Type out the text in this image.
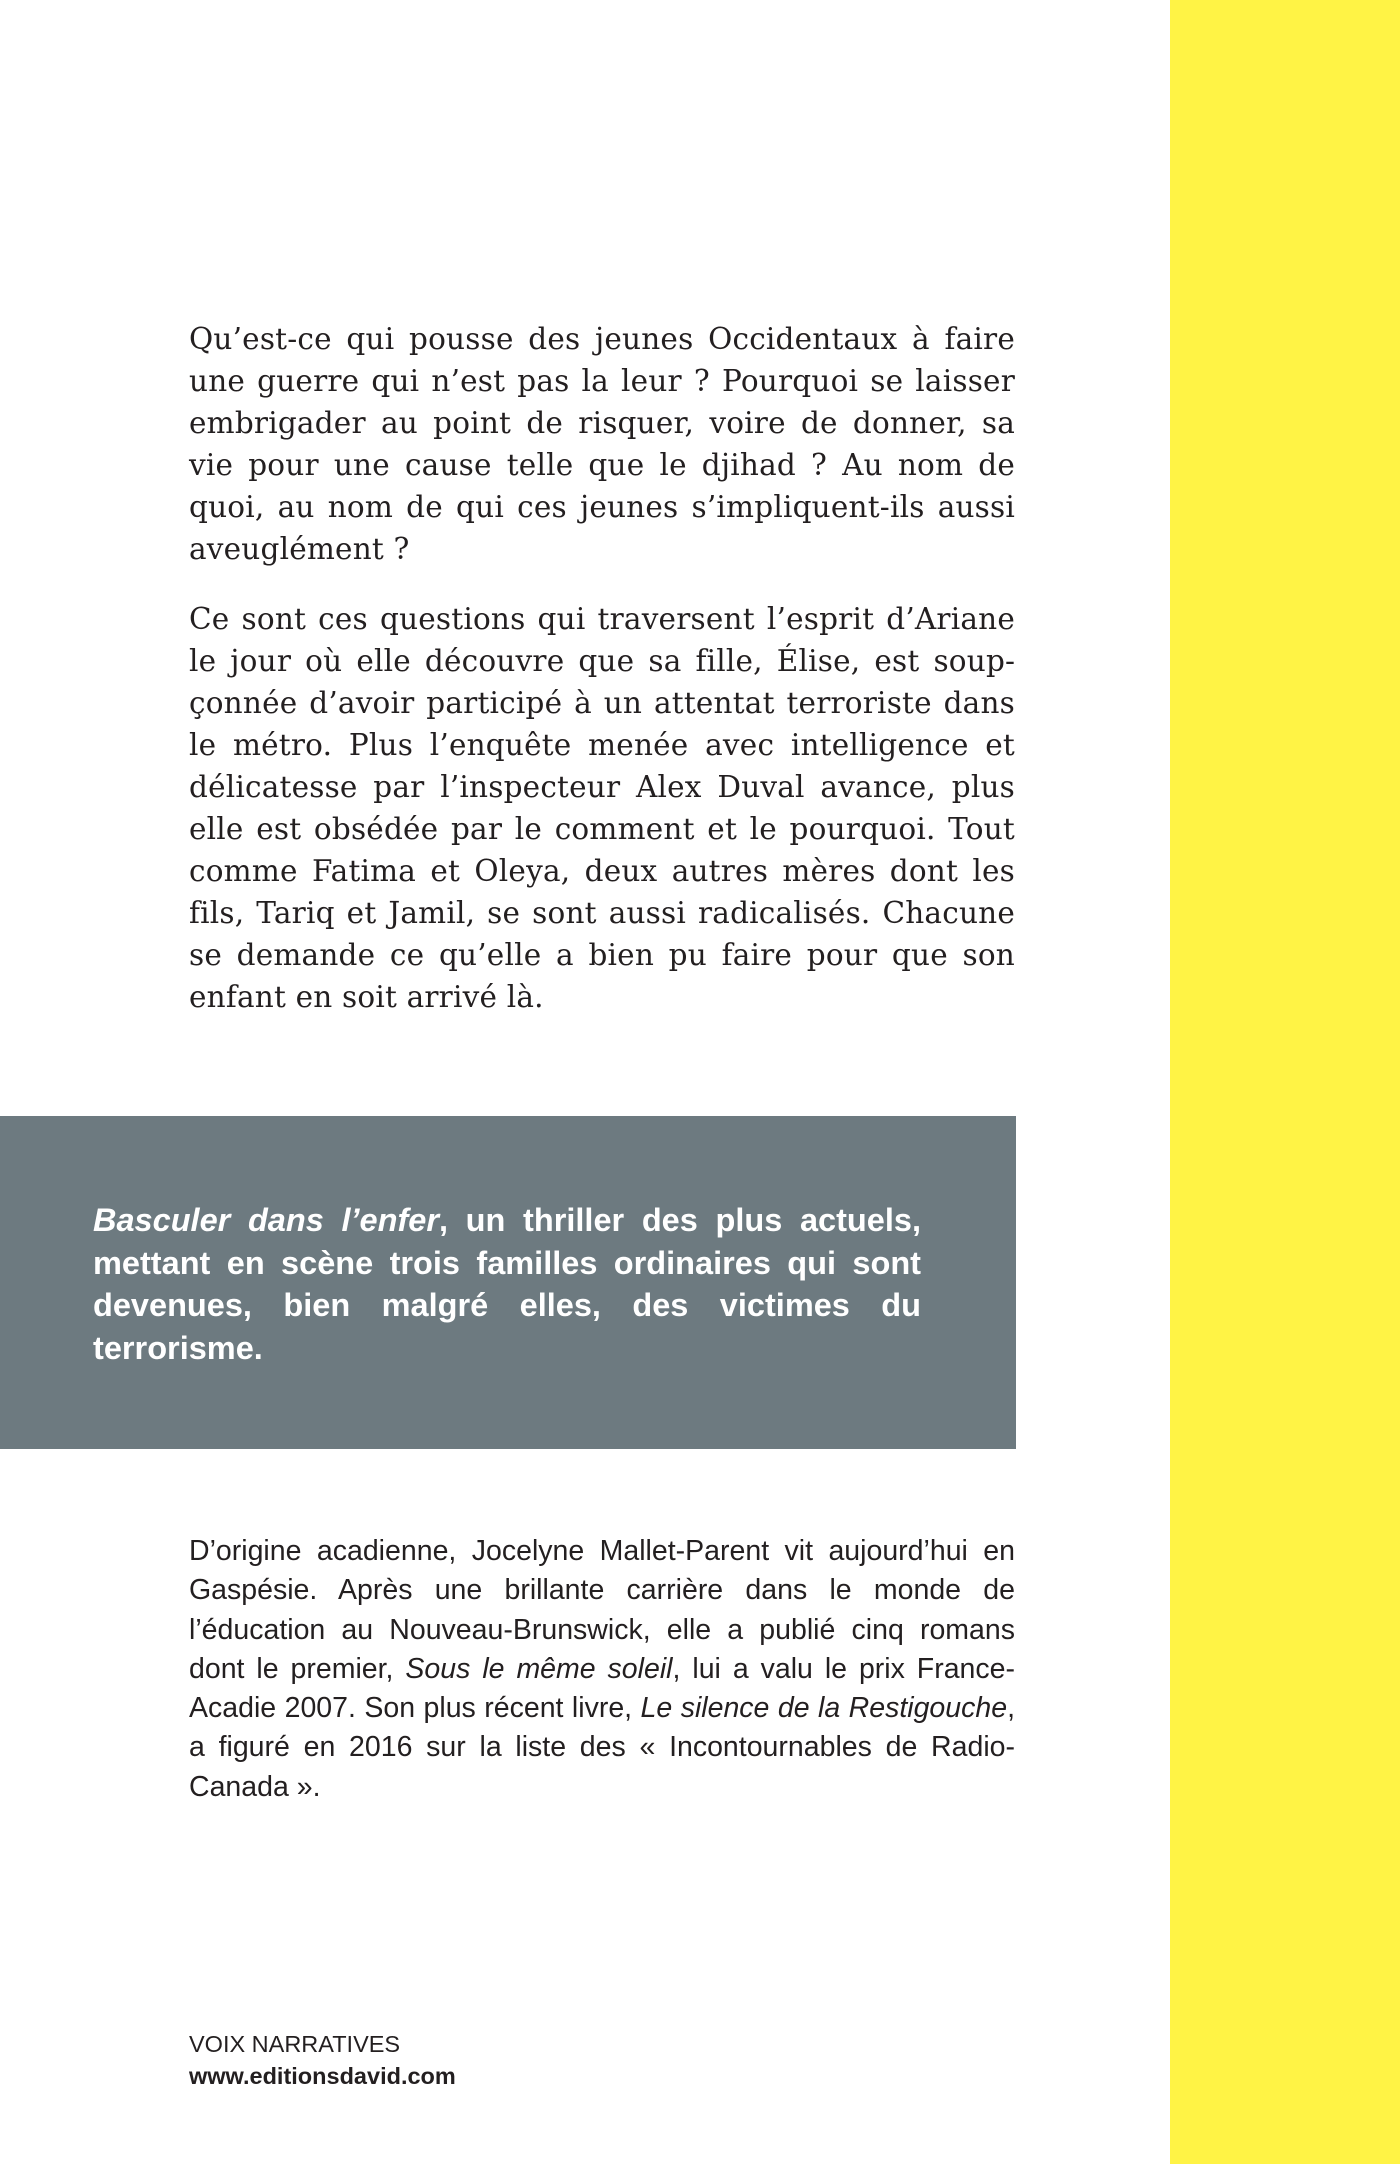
Qu’est-ce qui pousse des jeunes Occidentaux à faire une guerre qui n’est pas la leur ? Pourquoi se laisser embrigader au point de risquer, voire de donner, sa vie pour une cause telle que le djihad ? Au nom de quoi, au nom de qui ces jeunes s’impliquent-ils aussi aveuglément ?

Ce sont ces questions qui traversent l’esprit d’Ariane le jour où elle découvre que sa fille, Élise, est soupçonnée d’avoir participé à un attentat terroriste dans le métro. Plus l’enquête menée avec intelligence et délicatesse par l’inspecteur Alex Duval avance, plus elle est obsédée par le comment et le pourquoi. Tout comme Fatima et Oleya, deux autres mères dont les fils, Tariq et Jamil, se sont aussi radicalisés. Chacune se demande ce qu’elle a bien pu faire pour que son enfant en soit arrivé là.

Basculer dans l’enfer, un thriller des plus actuels, mettant en scène trois familles ordinaires qui sont devenues, bien malgré elles, des victimes du terrorisme.

D’origine acadienne, Jocelyne Mallet-Parent vit aujourd’hui en Gaspésie. Après une brillante carrière dans le monde de l’éducation au Nouveau-Brunswick, elle a publié cinq romans dont le premier, Sous le même soleil, lui a valu le prix France-Acadie 2007. Son plus récent livre, Le silence de la Restigouche, a figuré en 2016 sur la liste des « Incontournables de Radio-Canada ».

VOIX NARRATIVES

www.editionsdavid.com
